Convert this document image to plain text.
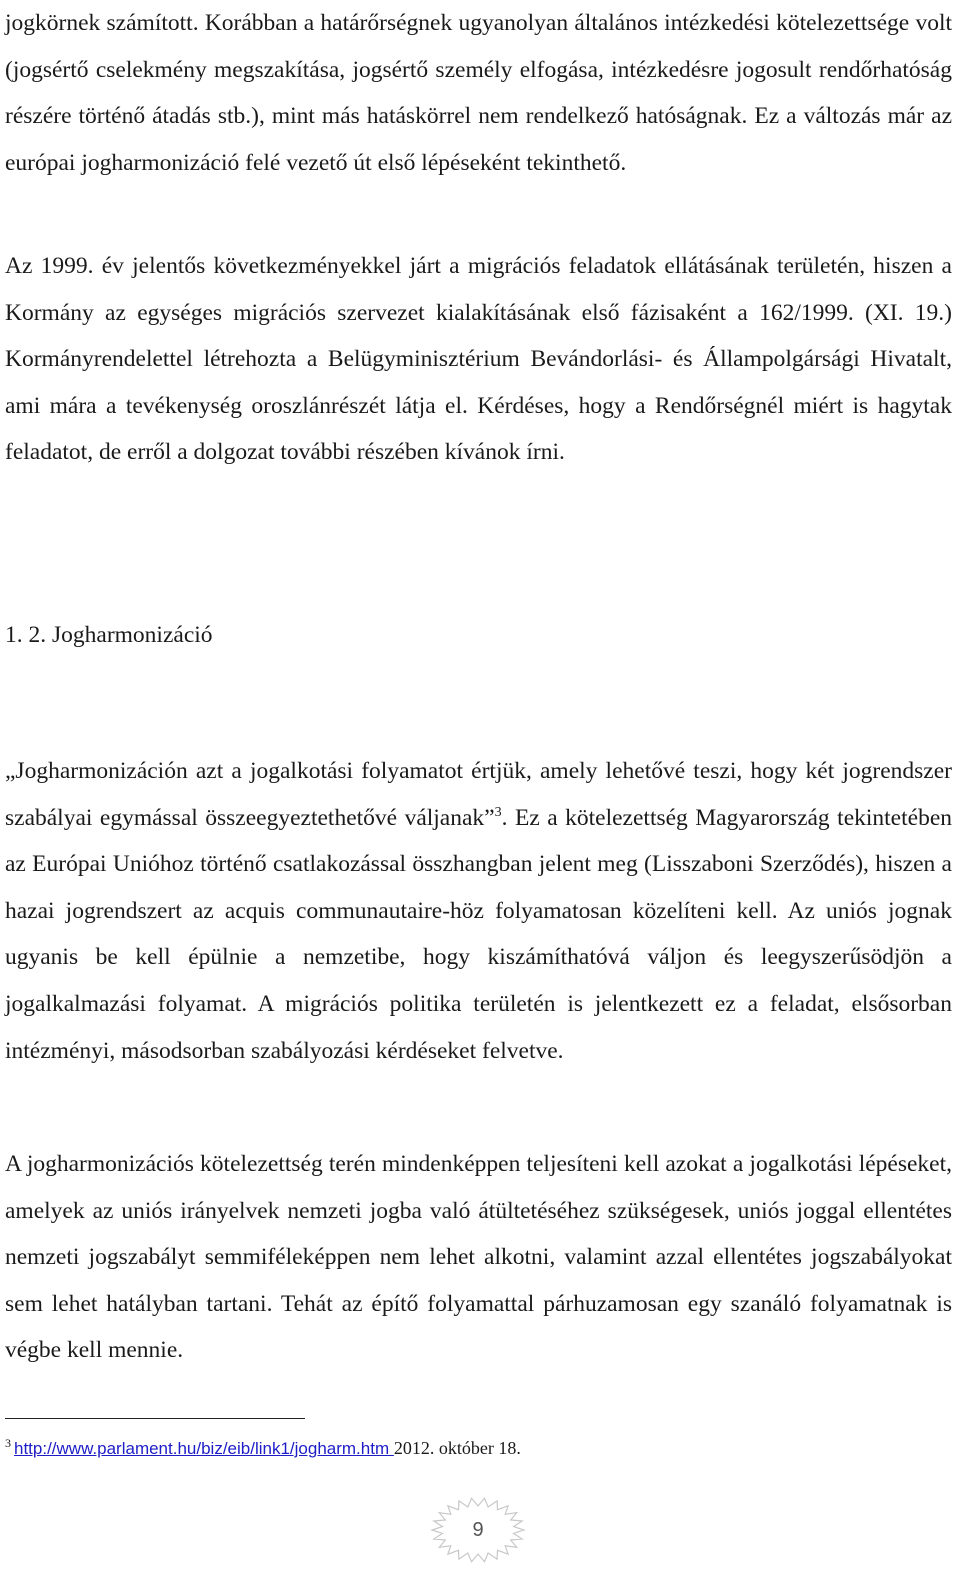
jogkörnek számított. Korábban a határőrségnek ugyanolyan általános intézkedési kötelezettsége volt (jogsértő cselekmény megszakítása, jogsértő személy elfogása, intézkedésre jogosult rendőrhatóság részére történő átadás stb.), mint más hatáskörrel nem rendelkező hatóságnak. Ez a változás már az európai jogharmonizáció felé vezető út első lépéseként tekinthető.

Az 1999. év jelentős következményekkel járt a migrációs feladatok ellátásának területén, hiszen a Kormány az egységes migrációs szervezet kialakításának első fázisaként a 162/1999. (XI. 19.) Kormányrendelettel létrehozta a Belügyminisztérium Bevándorlási- és Állampolgársági Hivatalt, ami mára a tevékenység oroszlánrészét látja el. Kérdéses, hogy a Rendőrségnél miért is hagytak feladatot, de erről a dolgozat további részében kívánok írni.

1. 2. Jogharmonizáció

„Jogharmonizáción azt a jogalkotási folyamatot értjük, amely lehetővé teszi, hogy két jogrendszer szabályai egymással összeegyeztethetővé váljanak”$^3$. Ez a kötelezettség Magyarország tekintetében az Európai Unióhoz történő csatlakozással összhangban jelent meg (Lisszaboni Szerződés), hiszen a hazai jogrendszert az acquis communautaire-höz folyamatosan közelíteni kell. Az uniós jognak ugyanis be kell épülnie a nemzetibe, hogy kiszámíthatóvá váljon és leegyszerűsödjön a jogalkalmazási folyamat. A migrációs politika területén is jelentkezett ez a feladat, elsősorban intézményi, másodsorban szabályozási kérdéseket felvetve.

A jogharmonizációs kötelezettség terén mindenképpen teljesíteni kell azokat a jogalkotási lépéseket, amelyek az uniós irányelvek nemzeti jogba való átültetéséhez szükségesek, uniós joggal ellentétes nemzeti jogszabályt semmiféleképpen nem lehet alkotni, valamint azzal ellentétes jogszabályokat sem lehet hatályban tartani. Tehát az építő folyamattal párhuzamosan egy szanáló folyamatnak is végbe kell mennie.

$^3$ http://www.parlament.hu/biz/eib/link1/jogharm.htm 2012. október 18.
9
